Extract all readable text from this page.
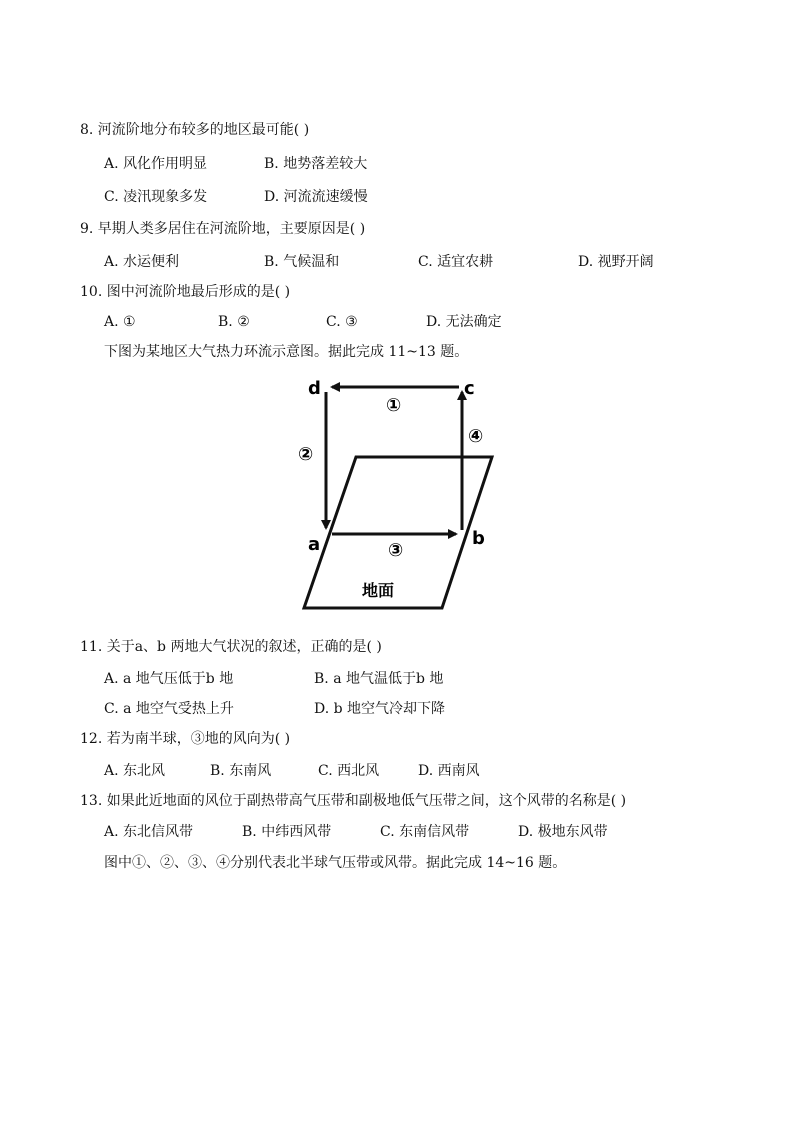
8. 河流阶地分布较多的地区最可能( )
A. 风化作用明显	B. 地势落差较大
C. 凌汛现象多发	D. 河流流速缓慢
9. 早期人类多居住在河流阶地，主要原因是( )
A. 水运便利	B. 气候温和	C. 适宜农耕	D. 视野开阔
10. 图中河流阶地最后形成的是( )
A. ①	B. ②	C. ③	D. 无法确定
下图为某地区大气热力环流示意图。据此完成 11~13 题。
d	c
a	b
①
②
③
④
地面
11. 关于a、b 两地大气状况的叙述，正确的是( )
A. a 地气压低于b 地	B. a 地气温低于b 地
C. a 地空气受热上升	D. b 地空气冷却下降
12. 若为南半球，③地的风向为( )
A. 东北风	B. 东南风	C. 西北风	D. 西南风
13. 如果此近地面的风位于副热带高气压带和副极地低气压带之间，这个风带的名称是( )
A. 东北信风带	B. 中纬西风带	C. 东南信风带	D. 极地东风带
图中①、②、③、④分别代表北半球气压带或风带。据此完成 14~16 题。
